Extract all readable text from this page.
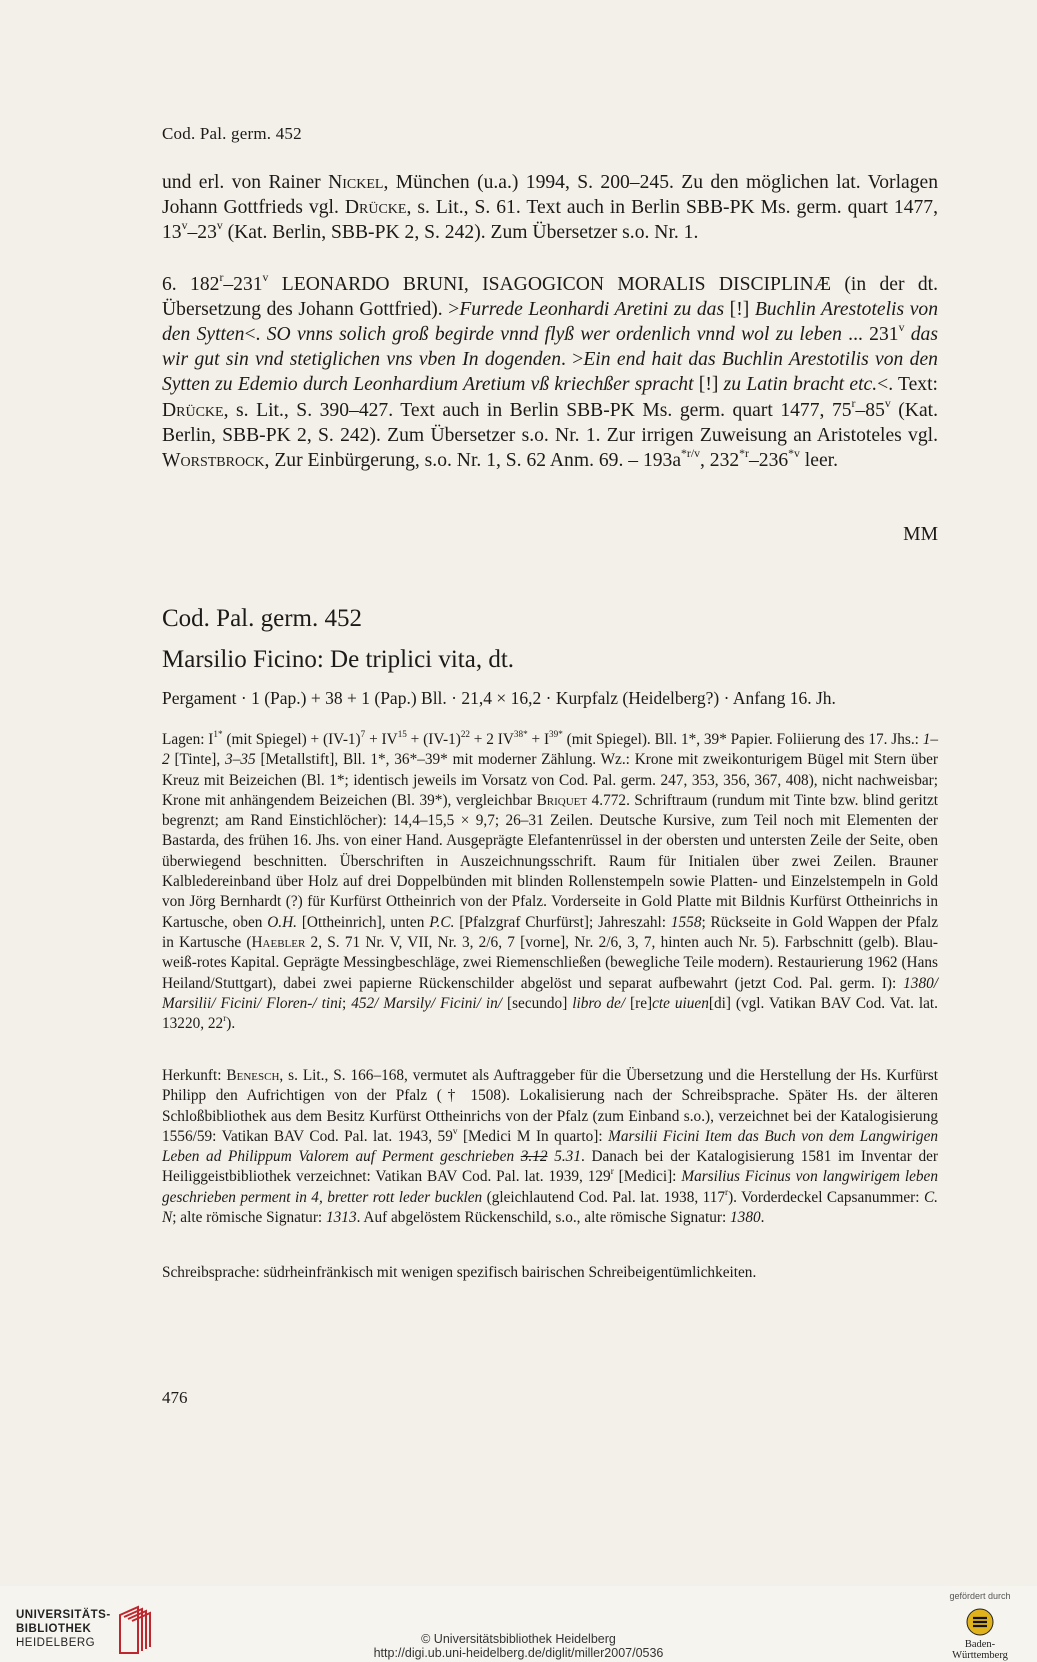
Cod. Pal. germ. 452

und erl. von Rainer Nickel, München (u.a.) 1994, S. 200–245. Zu den möglichen lat. Vorlagen Johann Gottfrieds vgl. Drücke, s. Lit., S. 61. Text auch in Berlin SBB-PK Ms. germ. quart 1477, 13$^v$–23$^v$ (Kat. Berlin, SBB-PK 2, S. 242). Zum Übersetzer s.o. Nr. 1.

6. 182$^r$–231$^v$ LEONARDO BRUNI, ISAGOGICON MORALIS DISCIPLINÆ (in der dt. Übersetzung des Johann Gottfried). >Furrede Leonhardi Aretini zu das [!] Buchlin Arestotelis von den Sytten<. SO vnns solich groß begirde vnnd flyß wer ordenlich vnnd wol zu leben ... 231$^v$ das wir gut sin vnd stetiglichen vns vben In dogenden. >Ein end hait das Buchlin Arestotilis von den Sytten zu Edemio durch Leonhardium Aretium vß kriechßer spracht [!] zu Latin bracht etc.<. Text: Drücke, s. Lit., S. 390–427. Text auch in Berlin SBB-PK Ms. germ. quart 1477, 75$^r$–85$^v$ (Kat. Berlin, SBB-PK 2, S. 242). Zum Übersetzer s.o. Nr. 1. Zur irrigen Zuweisung an Aristoteles vgl. Worstbrock, Zur Einbürgerung, s.o. Nr. 1, S. 62 Anm. 69. – $193a^{*r/v}$, 232$^{*r}$–236$^{*v}$ leer.

MM
Cod. Pal. germ. 452
Marsilio Ficino: De triplici vita, dt.
Pergament · 1 (Pap.) + 38 + 1 (Pap.) Bll. · 21,4 × 16,2 · Kurpfalz (Heidelberg?) · Anfang 16. Jh.

Lagen: $I^{1*}$ (mit Spiegel) + $(IV-1)^7 + IV^{15} + (IV-1)^{22} + 2$ $IV^{38*} + I^{39*}$ (mit Spiegel). Bll. 1*, 39* Papier. Foliierung des 17. Jhs.: 1–2 [Tinte], 3–35 [Metallstift], Bll. 1*, 36*–39* mit moderner Zählung. Wz.: Krone mit zweikonturigem Bügel mit Stern über Kreuz mit Beizeichen (Bl. 1*; identisch jeweils im Vorsatz von Cod. Pal. germ. 247, 353, 356, 367, 408), nicht nachweisbar; Krone mit anhängendem Beizeichen (Bl. 39*), vergleichbar Briquet 4.772. Schriftraum (rundum mit Tinte bzw. blind geritzt begrenzt; am Rand Einstichlöcher): 14,4–15,5 × 9,7; 26–31 Zeilen. Deutsche Kursive, zum Teil noch mit Elementen der Bastarda, des frühen 16. Jhs. von einer Hand. Ausgeprägte Elefantenrüssel in der obersten und untersten Zeile der Seite, oben überwiegend beschnitten. Überschriften in Auszeichnungsschrift. Raum für Initialen über zwei Zeilen. Brauner Kalbledereinband über Holz auf drei Doppelbünden mit blinden Rollenstempeln sowie Platten- und Einzelstempeln in Gold von Jörg Bernhardt (?) für Kurfürst Ottheinrich von der Pfalz. Vorderseite in Gold Platte mit Bildnis Kurfürst Ottheinrichs in Kartusche, oben O.H. [Ottheinrich], unten P.C. [Pfalzgraf Churfürst]; Jahreszahl: 1558; Rückseite in Gold Wappen der Pfalz in Kartusche (Haebler 2, S. 71 Nr. V, VII, Nr. 3, 2/6, 7 [vorne], Nr. 2/6, 3, 7, hinten auch Nr. 5). Farbschnitt (gelb). Blau-weiß-rotes Kapital. Geprägte Messingbeschläge, zwei Riemenschließen (bewegliche Teile modern). Restaurierung 1962 (Hans Heiland/Stuttgart), dabei zwei papierne Rückenschilder abgelöst und separat aufbewahrt (jetzt Cod. Pal. germ. I): 1380/ Marsilii/ Ficini/ Floren-/ tini; 452/ Marsily/ Ficini/ in/ [secundo] libro de/ [re]cte uiuen[di] (vgl. Vatikan BAV Cod. Vat. lat. 13220, 22$^r$).

Herkunft: Benesch, s. Lit., S. 166–168, vermutet als Auftraggeber für die Übersetzung und die Herstellung der Hs. Kurfürst Philipp den Aufrichtigen von der Pfalz († 1508). Lokalisierung nach der Schreibsprache. Später Hs. der älteren Schloßbibliothek aus dem Besitz Kurfürst Ottheinrichs von der Pfalz (zum Einband s.o.), verzeichnet bei der Katalogisierung 1556/59: Vatikan BAV Cod. Pal. lat. 1943, 59$^v$ [Medici M In quarto]: Marsilii Ficini Item das Buch von dem Langwirigen Leben ad Philippum Valorem auf Perment geschrieben 3.12 5.31. Danach bei der Katalogisierung 1581 im Inventar der Heiliggeistbibliothek verzeichnet: Vatikan BAV Cod. Pal. lat. 1939, 129$^r$ [Medici]: Marsilius Ficinus von langwirigem leben geschrieben perment in 4, bretter rott leder bucklen (gleichlautend Cod. Pal. lat. 1938, 117$^r$). Vorderdeckel Capsanummer: C. N; alte römische Signatur: 1313. Auf abgelöstem Rückenschild, s.o., alte römische Signatur: 1380.

Schreibsprache: südrheinfränkisch mit wenigen spezifisch bairischen Schreibeigentümlichkeiten.
476
UNIVERSITÄTS-
BIBLIOTHEK
HEIDELBERG	© Universitätsbibliothek Heidelberg
http://digi.ub.uni-heidelberg.de/diglit/miller2007/0536
gefördert durch
Baden-Württemberg
